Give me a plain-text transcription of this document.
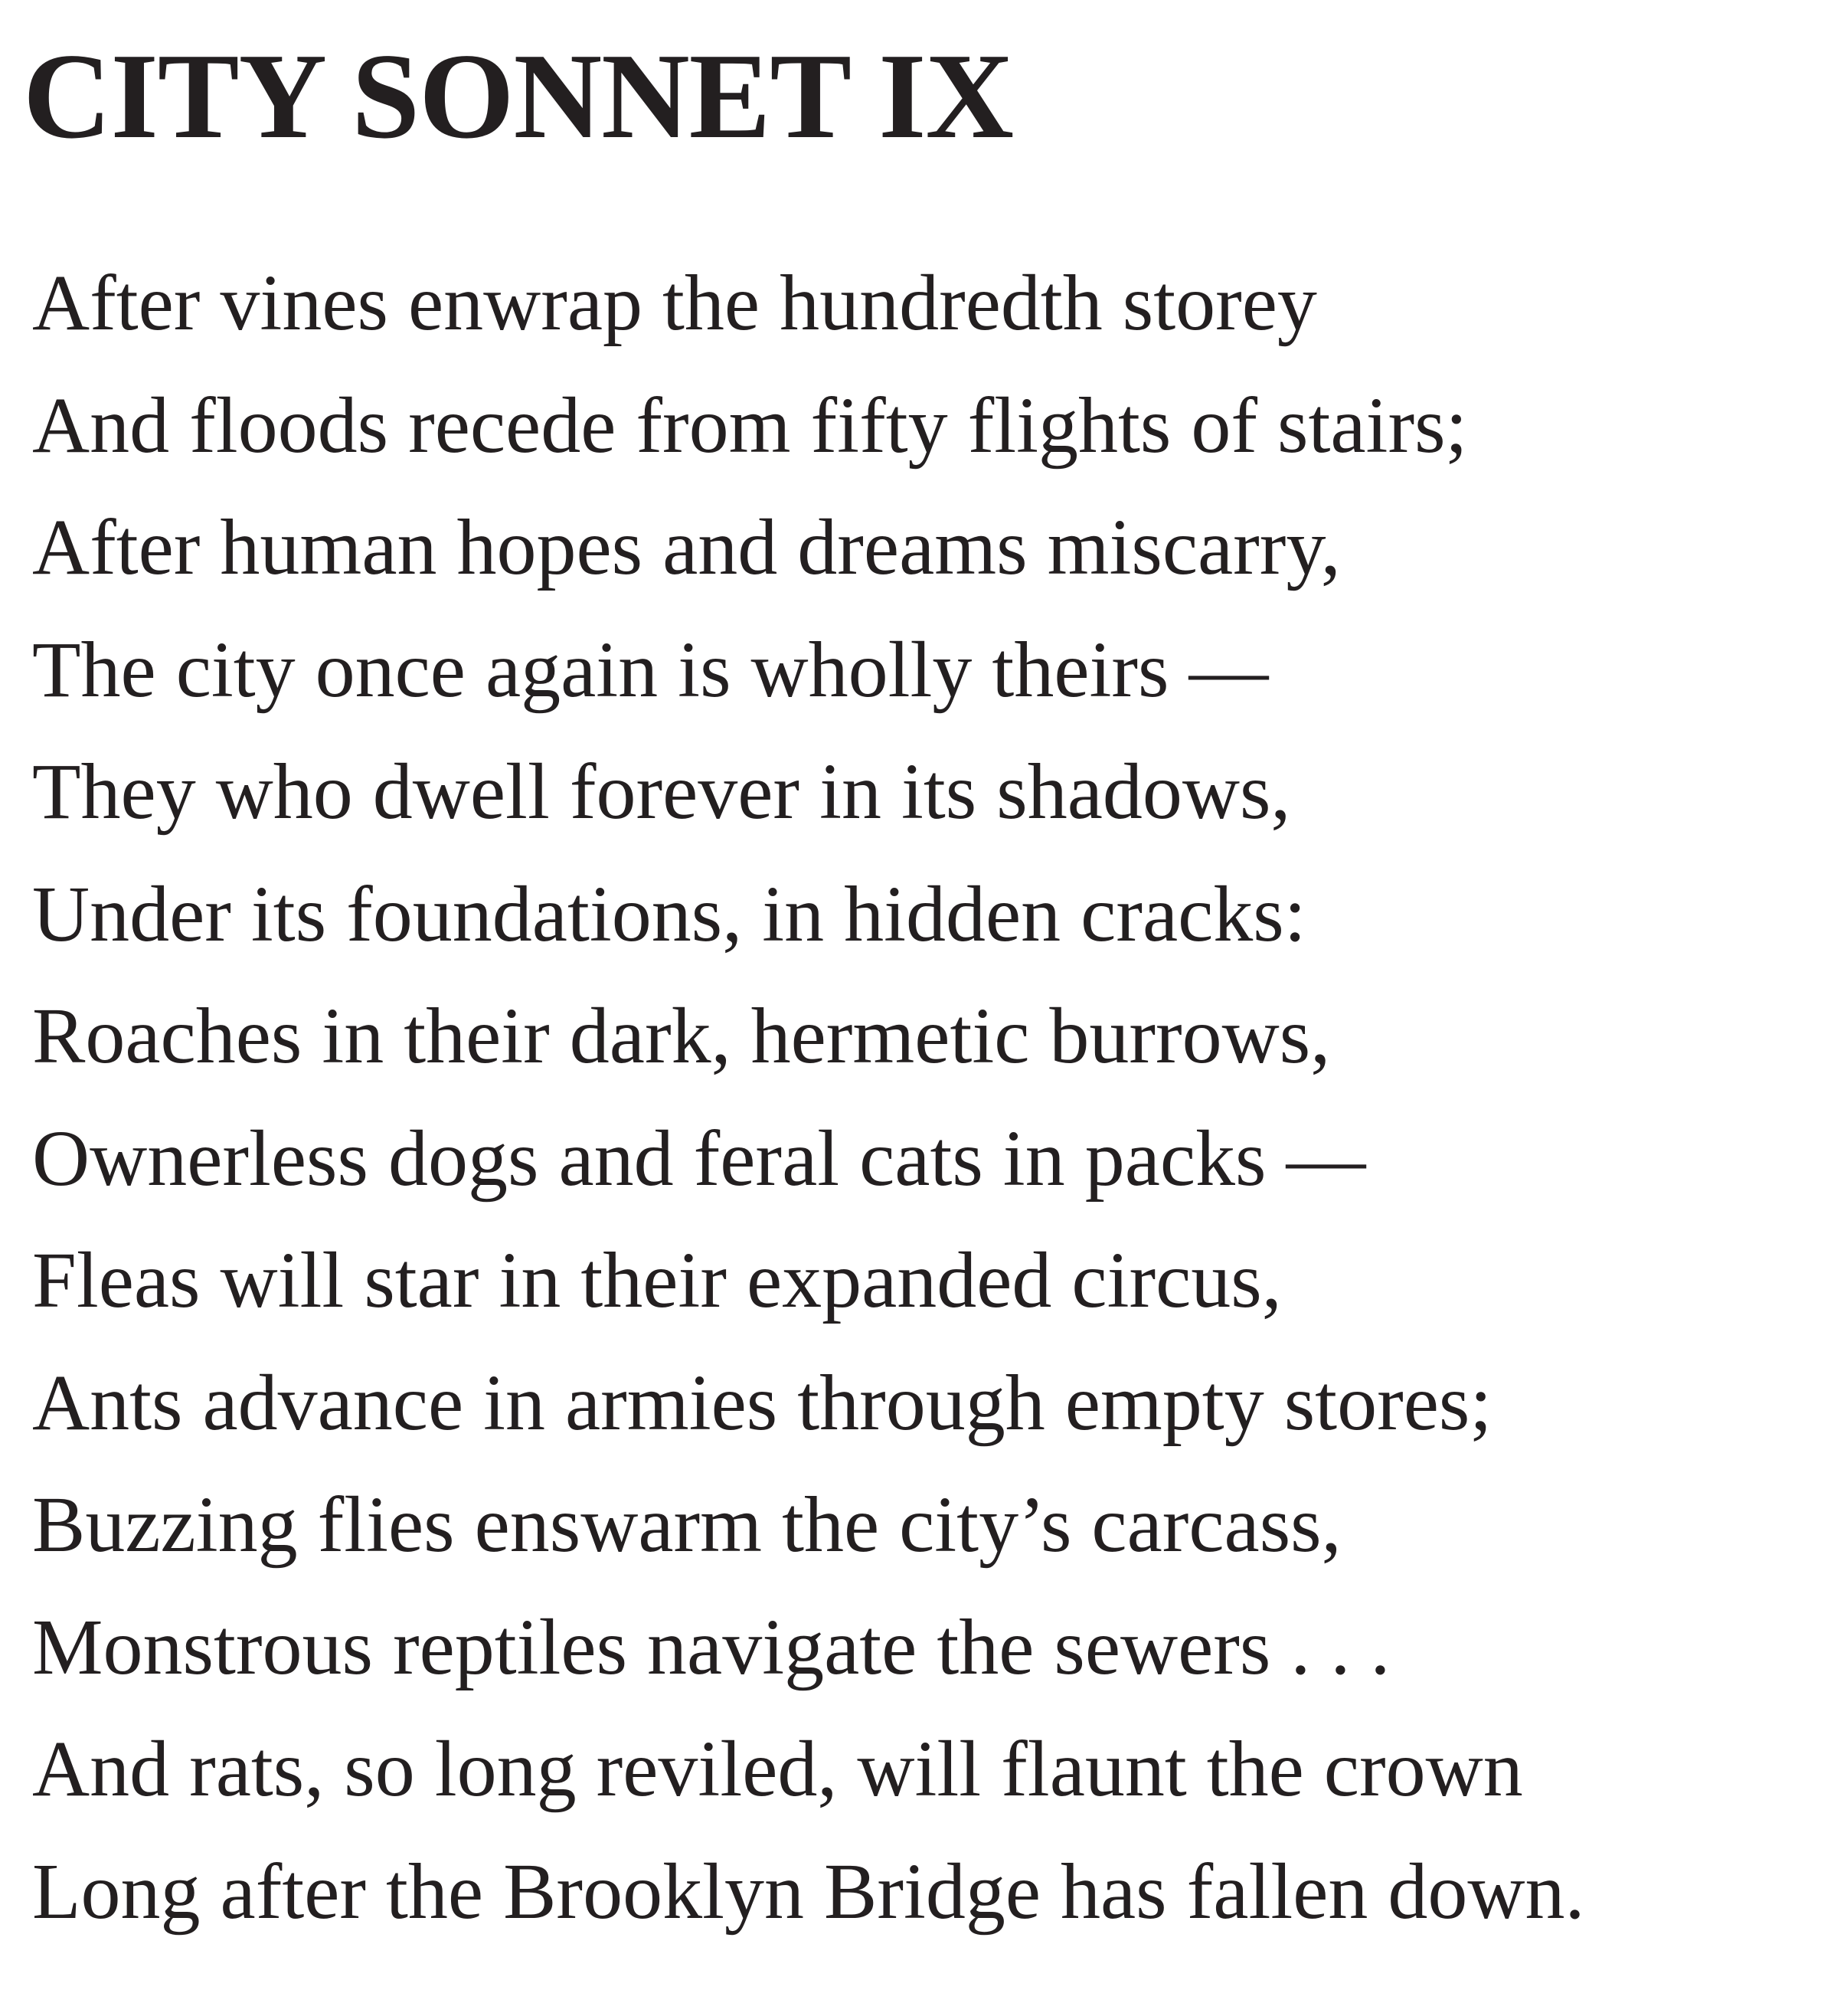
CITY SONNET IX
After vines enwrap the hundredth storey
And floods recede from fifty flights of stairs;
After human hopes and dreams miscarry,
The city once again is wholly theirs —
They who dwell forever in its shadows,
Under its foundations, in hidden cracks:
Roaches in their dark, hermetic burrows,
Ownerless dogs and feral cats in packs —
Fleas will star in their expanded circus,
Ants advance in armies through empty stores;
Buzzing flies enswarm the city’s carcass,
Monstrous reptiles navigate the sewers . . .
And rats, so long reviled, will flaunt the crown
Long after the Brooklyn Bridge has fallen down.
